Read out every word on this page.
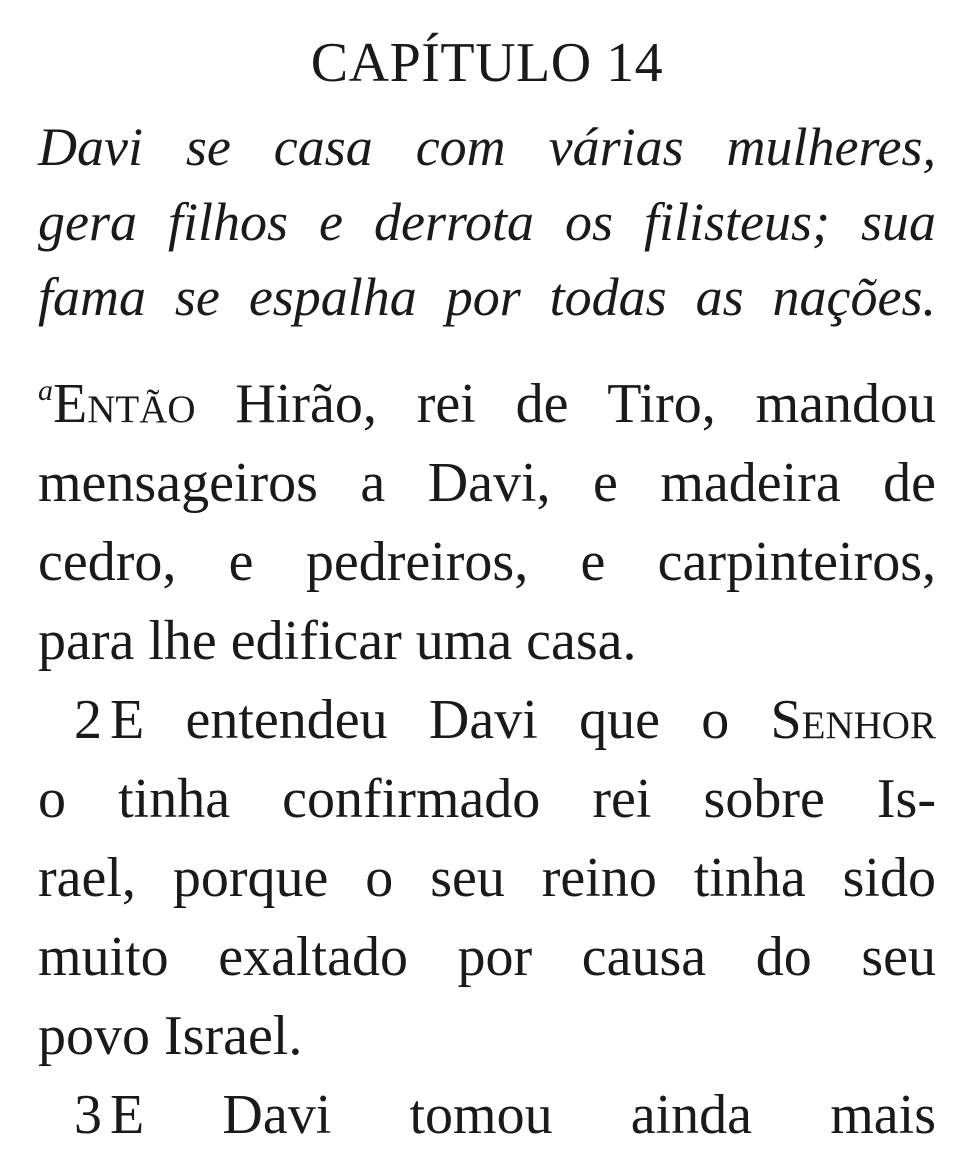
CAPÍTULO 14
Davi se casa com várias mulheres,
gera filhos e derrota os filisteus; sua
fama se espalha por todas as nações.
$^a$Então Hirão, rei de Tiro, mandou
mensageiros a Davi, e madeira de
cedro, e pedreiros, e carpinteiros,
para lhe edificar uma casa.
2 E entendeu Davi que o Senhor
o tinha confirmado rei sobre Is-
rael, porque o seu reino tinha sido
muito exaltado por causa do seu
povo Israel.
3 E Davi tomou ainda mais
